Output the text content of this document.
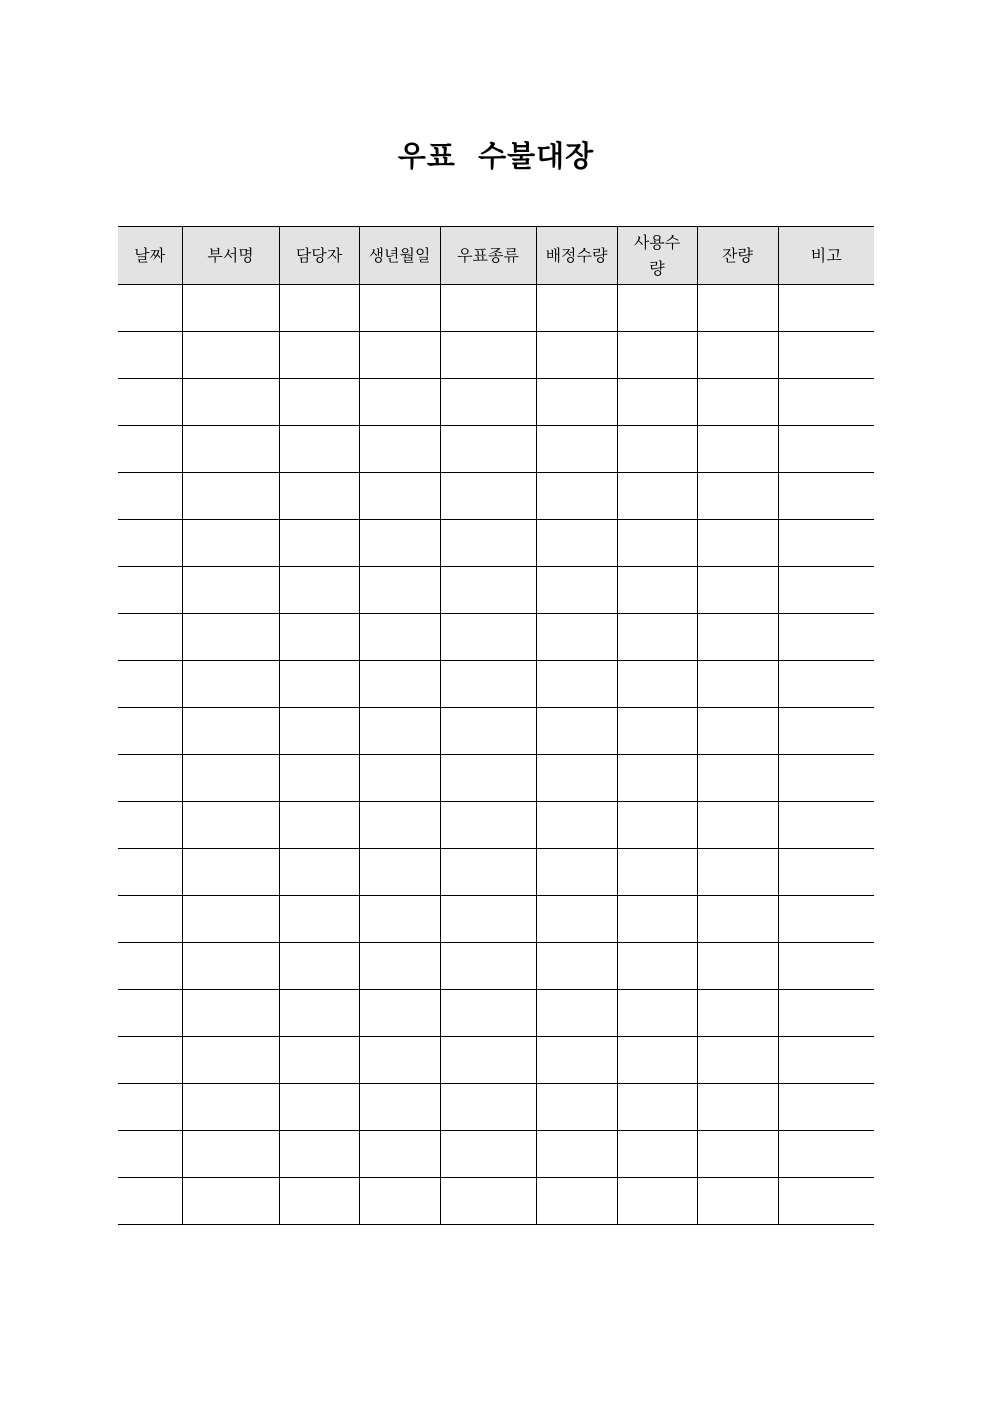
우표  수불대장
날짜	부서명	담당자	생년월일	우표종류	배정수량	사용수량	잔량	비고
